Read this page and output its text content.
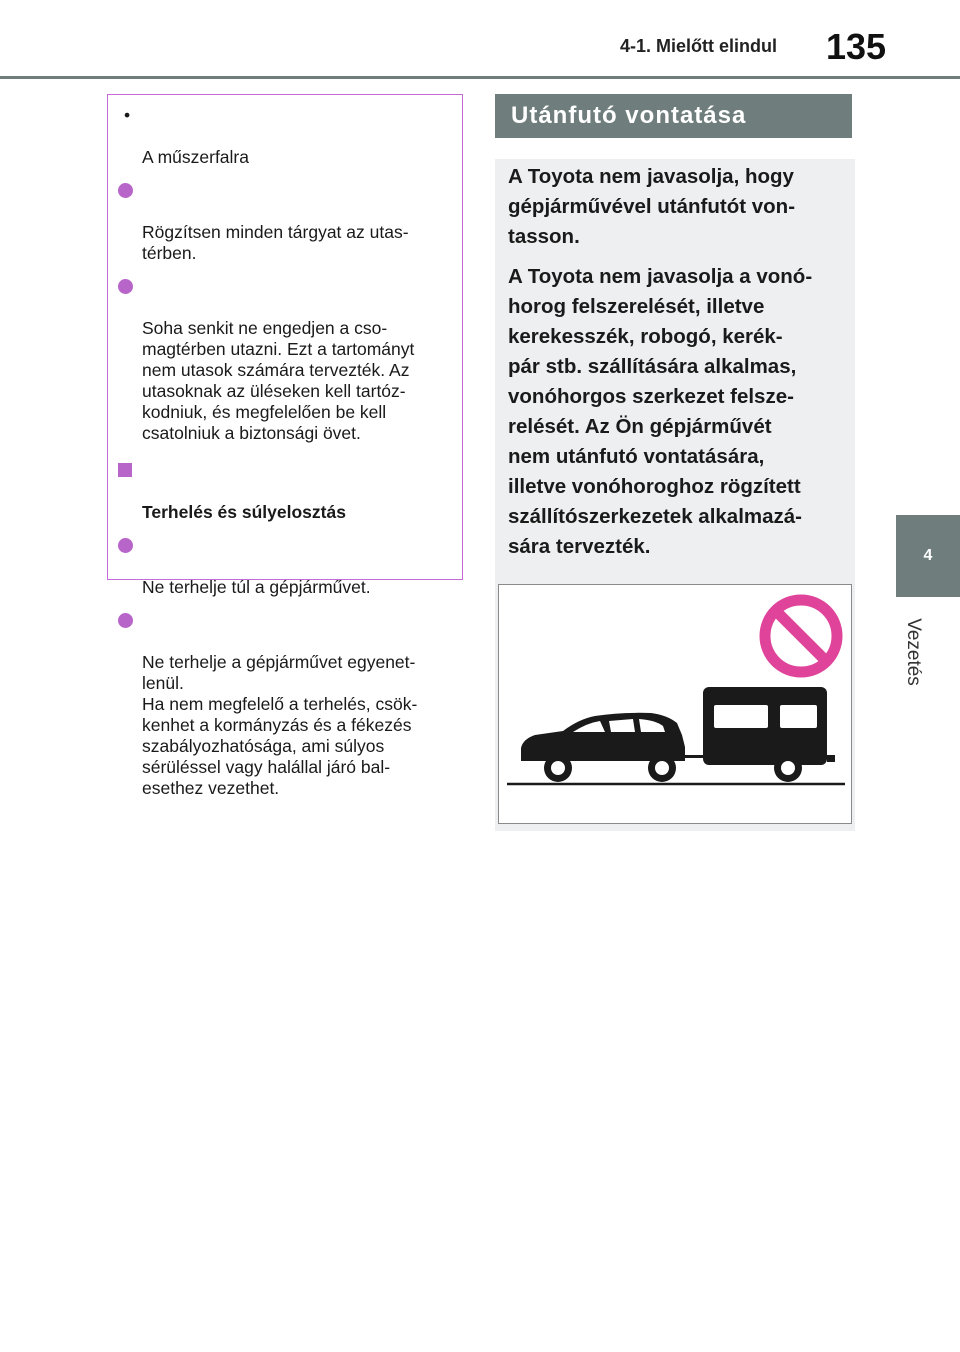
4-1. Mielőtt elindul 135
4
Vezetés

•

A műszerfalra

Rögzítsen minden tárgyat az utas-
térben.

Soha senkit ne engedjen a cso-
magtérben utazni. Ezt a tartományt
nem utasok számára tervezték. Az
utasoknak az üléseken kell tartóz-
kodniuk, és megfelelően be kell
csatolniuk a biztonsági övet.

Terhelés és súlyelosztás

Ne terhelje túl a gépjárművet.

Ne terhelje a gépjárművet egyenet-
lenül.
Ha nem megfelelő a terhelés, csök-
kenhet a kormányzás és a fékezés
szabályozhatósága, ami súlyos
sérüléssel vagy halállal járó bal-
esethez vezethet.

Utánfutó vontatása

A Toyota nem javasolja, hogy
gépjárművével utánfutót von-
tasson.

A Toyota nem javasolja a vonó-
horog felszerelését, illetve
kerekesszék, robogó, kerék-
pár stb. szállítására alkalmas,
vonóhorgos szerkezet felsze-
relését. Az Ön gépjárművét
nem utánfutó vontatására,
illetve vonóhoroghoz rögzített
szállítószerkezetek alkalmazá-
sára tervezték.
